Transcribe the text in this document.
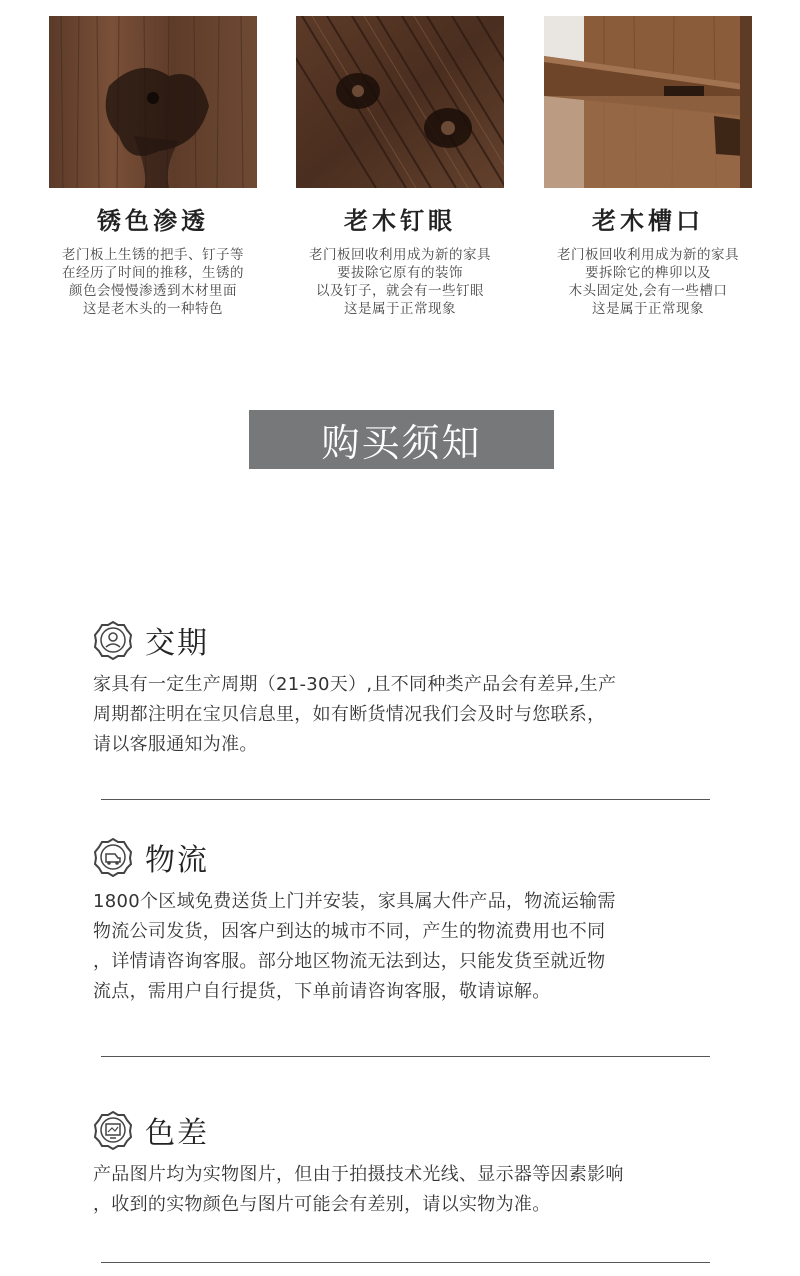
锈色渗透
老门板上生锈的把手、钉子等
在经历了时间的推移，生锈的
颜色会慢慢渗透到木材里面
这是老木头的一种特色
老木钉眼
老门板回收利用成为新的家具
要拔除它原有的装饰
以及钉子，就会有一些钉眼
这是属于正常现象
老木槽口
老门板回收利用成为新的家具
要拆除它的榫卯以及
木头固定处,会有一些槽口
这是属于正常现象
购买须知
交期
家具有一定生产周期（21-30天）,且不同种类产品会有差异,生产
周期都注明在宝贝信息里，如有断货情况我们会及时与您联系，
请以客服通知为准。
物流
1800个区域免费送货上门并安装，家具属大件产品，物流运输需
物流公司发货，因客户到达的城市不同，产生的物流费用也不同
，详情请咨询客服。部分地区物流无法到达，只能发货至就近物
流点，需用户自行提货，下单前请咨询客服，敬请谅解。
色差
产品图片均为实物图片，但由于拍摄技术光线、显示器等因素影响
，收到的实物颜色与图片可能会有差别，请以实物为准。
